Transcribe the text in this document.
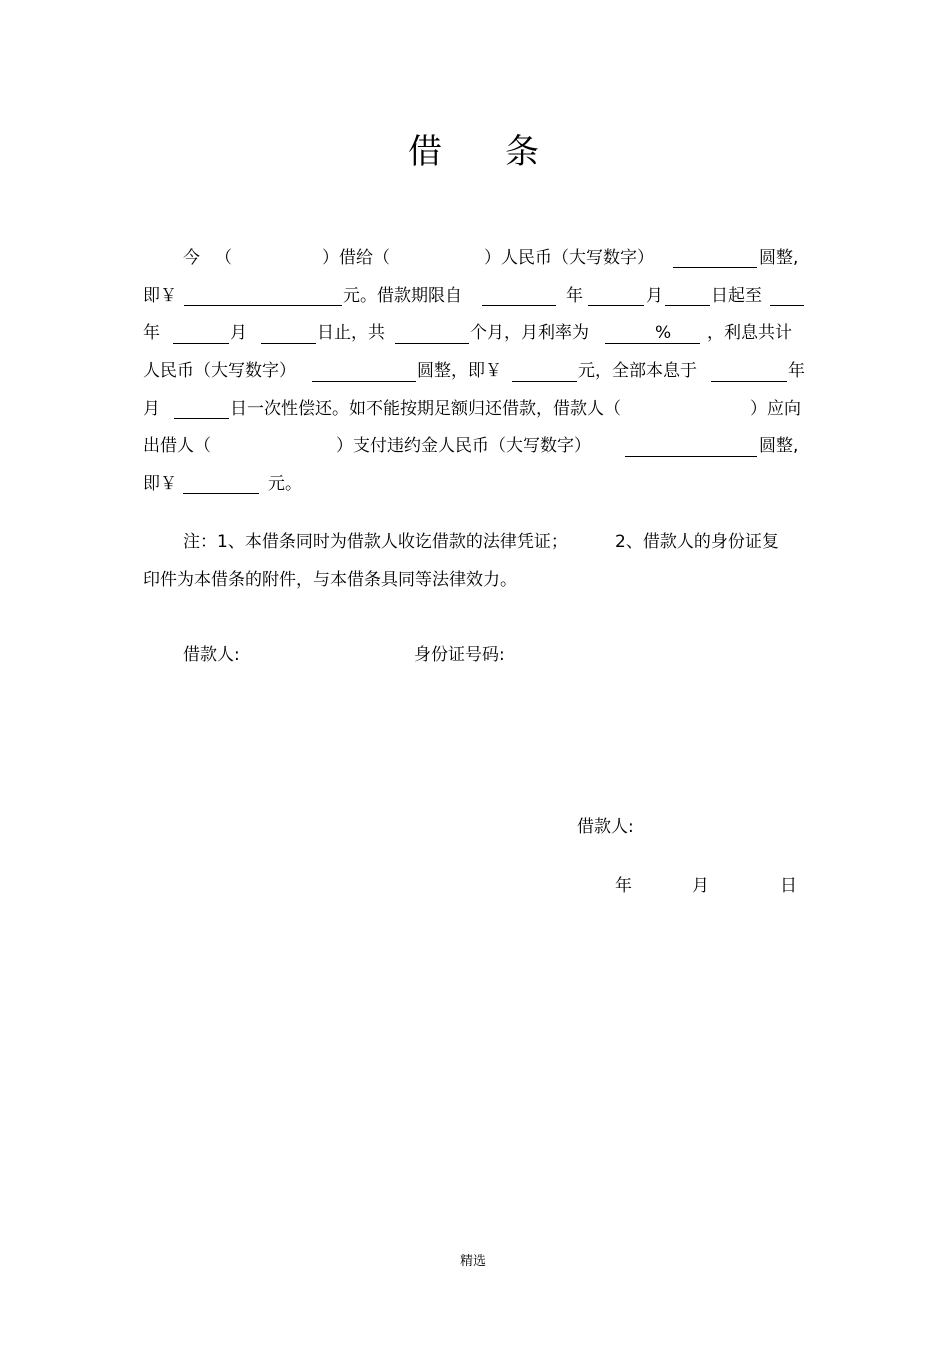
借 条
今 （	）借给（	）人民币（大写数字）	圆整,
即￥	元。借款期限自	年	月	日起至
年	月	日止，共	个月，月利率为	% ，利息共计
人民币（大写数字）	圆整，即￥	元，全部本息于	年
月	日一次性偿还。如不能按期足额归还借款，借款人（	）应向
出借人（	）支付违约金人民币（大写数字）	圆整,
即￥	元。
注：1、本借条同时为借款人收讫借款的法律凭证；	2、借款人的身份证复
印件为本借条的附件，与本借条具同等法律效力。
借款人:	身份证号码:
借款人:
年	月	日
精选
